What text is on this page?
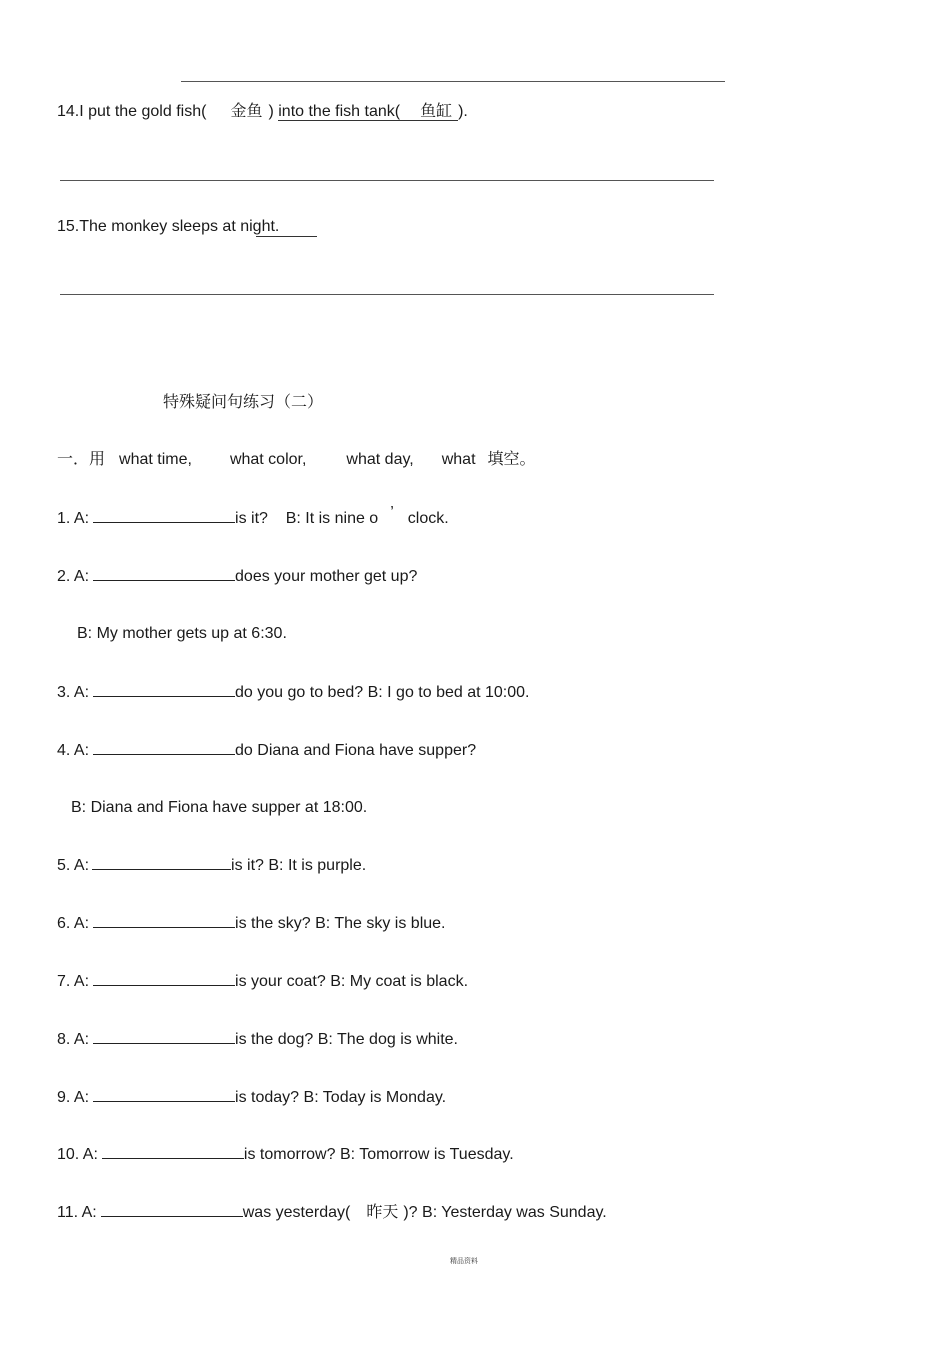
14.I put the gold fish( 金鱼 ) into the fish tank( 鱼缸 ).
15.The monkey sleeps at night.
特殊疑问句练习（二）
一．用 what time, what color,	what day, what 填空。
1. A:	is it?    B: It is nine o ’ clock.
2. A:	does your mother get up?
B: My mother gets up at 6:30.
3. A:	do you go to bed? B: I go to bed at 10:00.
4. A:	do Diana and Fiona have supper?
B: Diana and Fiona have supper at 18:00.
5. A:	is it? B: It is purple.
6. A:	is the sky? B: The sky is blue.
7. A:	is your coat? B: My coat is black.
8. A:	is the dog? B: The dog is white.
9. A:	is today? B: Today is Monday.
10. A:	is tomorrow? B: Tomorrow is Tuesday.
11. A:	was yesterday( 昨天 )? B: Yesterday was Sunday.
精品资料
